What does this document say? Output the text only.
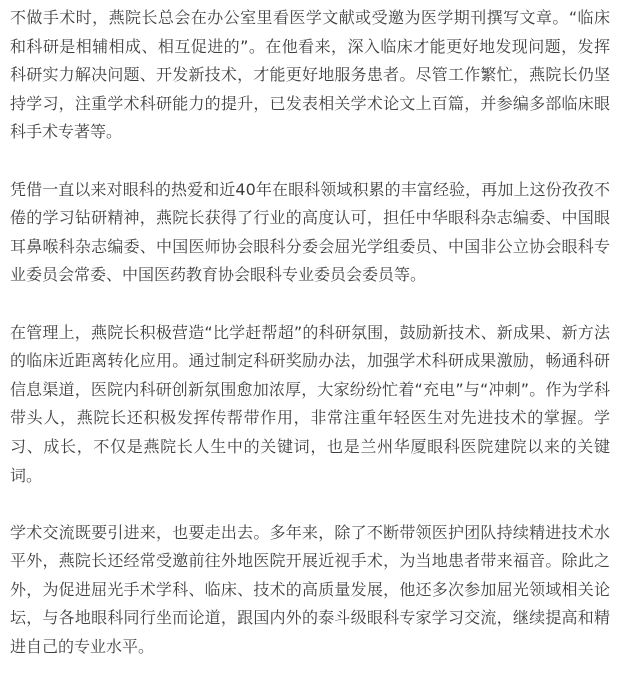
不做手术时，燕院长总会在办公室里看医学文献或受邀为医学期刊撰写文章。“临床和科研是相辅相成、相互促进的”。在他看来，深入临床才能更好地发现问题，发挥科研实力解决问题、开发新技术，才能更好地服务患者。尽管工作繁忙，燕院长仍坚持学习，注重学术科研能力的提升，已发表相关学术论文上百篇，并参编多部临床眼科手术专著等。

凭借一直以来对眼科的热爱和近40年在眼科领域积累的丰富经验，再加上这份孜孜不倦的学习钻研精神，燕院长获得了行业的高度认可，担任中华眼科杂志编委、中国眼耳鼻喉科杂志编委、中国医师协会眼科分委会屈光学组委员、中国非公立协会眼科专业委员会常委、中国医药教育协会眼科专业委员会委员等。

在管理上，燕院长积极营造“比学赶帮超”的科研氛围，鼓励新技术、新成果、新方法的临床近距离转化应用。通过制定科研奖励办法，加强学术科研成果激励，畅通科研信息渠道，医院内科研创新氛围愈加浓厚，大家纷纷忙着“充电”与“冲刺”。作为学科带头人，燕院长还积极发挥传帮带作用，非常注重年轻医生对先进技术的掌握。学习、成长，不仅是燕院长人生中的关键词，也是兰州华厦眼科医院建院以来的关键词。

学术交流既要引进来，也要走出去。多年来，除了不断带领医护团队持续精进技术水平外，燕院长还经常受邀前往外地医院开展近视手术，为当地患者带来福音。除此之外，为促进屈光手术学科、临床、技术的高质量发展，他还多次参加屈光领域相关论坛，与各地眼科同行坐而论道，跟国内外的泰斗级眼科专家学习交流，继续提高和精进自己的专业水平。
